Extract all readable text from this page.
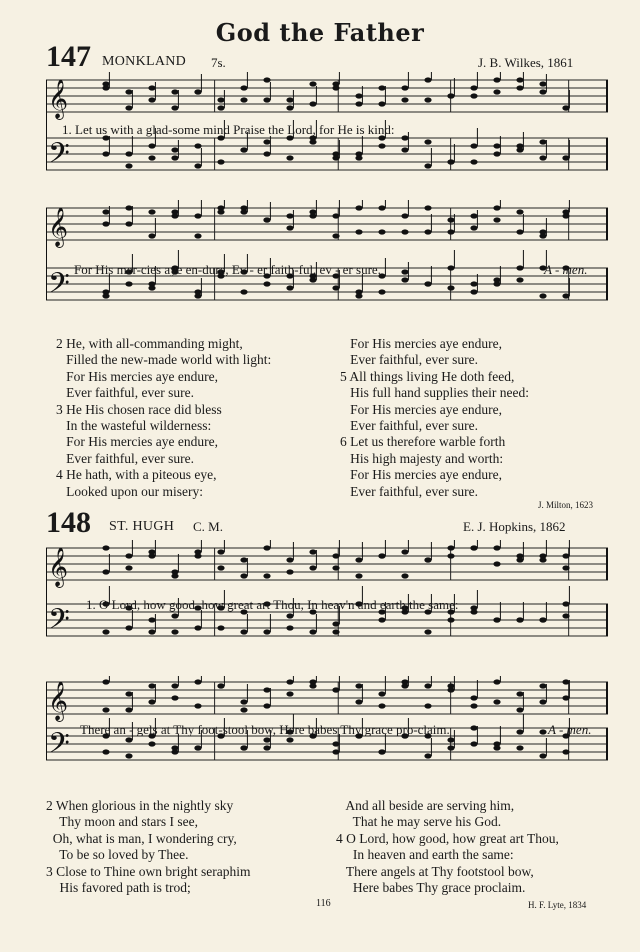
God the Father
147 MONKLAND 7s.	J. B. Wilkes, 1861
𝄞
𝄢
1. Let us with a glad-some mind Praise the Lord, for He is kind:
𝄞
𝄢 For His mer-cies aye en-dure, Ev - er faith-ful, ev - er sure.	A - men.
2 He, with all-commanding might,
Filled the new-made world with light:
For His mercies aye endure,
Ever faithful, ever sure.
3 He His chosen race did bless
In the wasteful wilderness:
For His mercies aye endure,
Ever faithful, ever sure.
4 He hath, with a piteous eye,
Looked upon our misery:
For His mercies aye endure,
Ever faithful, ever sure.
5 All things living He doth feed,
His full hand supplies their need:
For His mercies aye endure,
Ever faithful, ever sure.
6 Let us therefore warble forth
His high majesty and worth:
For His mercies aye endure,
Ever faithful, ever sure.
J. Milton, 1623
148 ST. HUGH C. M.	E. J. Hopkins, 1862
𝄞
𝄢 1. O Lord, how good, how great art Thou, In heav'n and earth the same:
𝄞
𝄢 There an - gels at Thy foot-stool bow, Here babes Thy grace pro-claim.	A - men.
2 When glorious in the nightly sky
Thy moon and stars I see,
Oh, what is man, I wondering cry,
To be so loved by Thee.
3 Close to Thine own bright seraphim
His favored path is trod;
And all beside are serving him,
That he may serve his God.
4 O Lord, how good, how great art Thou,
In heaven and earth the same:
There angels at Thy footstool bow,
Here babes Thy grace proclaim.
116	H. F. Lyte, 1834
